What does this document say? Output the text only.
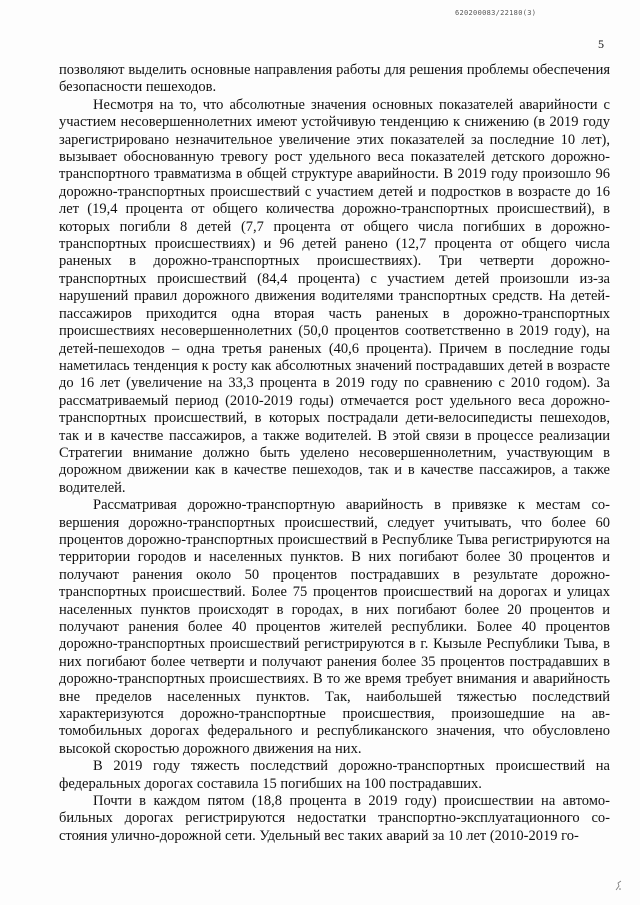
620200083/22180(3)
5

позволяют выделить основные направления работы для решения проблемы обеспечения безопасности пешеходов.

Несмотря на то, что абсолютные значения основных показателей аварийности с участием несовершеннолетних имеют устойчивую тенденцию к снижению (в 2019 году зарегистрировано незначительное увеличение этих показателей за последние 10 лет), вызывает обоснованную тревогу рост удельного веса показателей детского дорожно-транспортного травматизма в общей структуре аварийности. В 2019 году произошло 96 дорожно-транспортных происшествий с участием детей и подростков в возрасте до 16 лет (19,4 процента от общего количества дорожно-транспортных происшествий), в которых погибли 8 детей (7,7 процента от общего числа погибших в дорожно-транспортных происшествиях) и 96 детей ранено (12,7 процента от общего числа раненых в дорожно-транспортных происшествиях). Три четверти дорожно-транспортных происшествий (84,4 процента) с участием детей произошли из-за нарушений правил дорожного движения водителями транспортных средств. На детей-пассажиров приходится одна вторая часть раненых в дорожно-транспортных происшествиях несовершеннолетних (50,0 процентов соответственно в 2019 году), на детей-пешеходов – одна третья раненых (40,6 процента). Причем в последние годы наметилась тенденция к росту как абсолютных значений пострадавших детей в возрасте до 16 лет (увеличение на 33,3 процента в 2019 году по сравнению с 2010 годом). За рассматриваемый период (2010-2019 годы) отмечается рост удельного веса дорожно-транспортных происшествий, в которых пострадали дети-велосипедисты пешеходов, так и в качестве пассажиров, а также водителей. В этой связи в процессе реализации Стратегии внимание должно быть уделено несовершеннолетним, участвующим в дорожном движении как в качестве пешеходов, так и в качестве пассажиров, а также водителей.

Рассматривая дорожно-транспортную аварийность в привязке к местам совершения дорожно-транспортных происшествий, следует учитывать, что более 60 процентов дорожно-транспортных происшествий в Республике Тыва регистрируются на территории городов и населенных пунктов. В них погибают более 30 процентов и получают ранения около 50 процентов пострадавших в результате дорожно-транспортных происшествий. Более 75 процентов происшествий на дорогах и улицах населенных пунктов происходят в городах, в них погибают более 20 процентов и получают ранения более 40 процентов жителей республики. Более 40 процентов дорожно-транспортных происшествий регистрируются в г. Кызыле Республики Тыва, в них погибают более четверти и получают ранения более 35 процентов пострадавших в дорожно-транспортных происшествиях. В то же время требует внимания и аварийность вне пределов населенных пунктов. Так, наибольшей тяжестью последствий характеризуются дорожно-транспортные происшествия, произошедшие на автомобильных дорогах федерального и республиканского значения, что обусловлено высокой скоростью дорожного движения на них.

В 2019 году тяжесть последствий дорожно-транспортных происшествий на федеральных дорогах составила 15 погибших на 100 пострадавших.

Почти в каждом пятом (18,8 процента в 2019 году) происшествии на автомобильных дорогах регистрируются недостатки транспортно-эксплуатационного состояния улично-дорожной сети. Удельный вес таких аварий за 10 лет (2010-2019 го-
